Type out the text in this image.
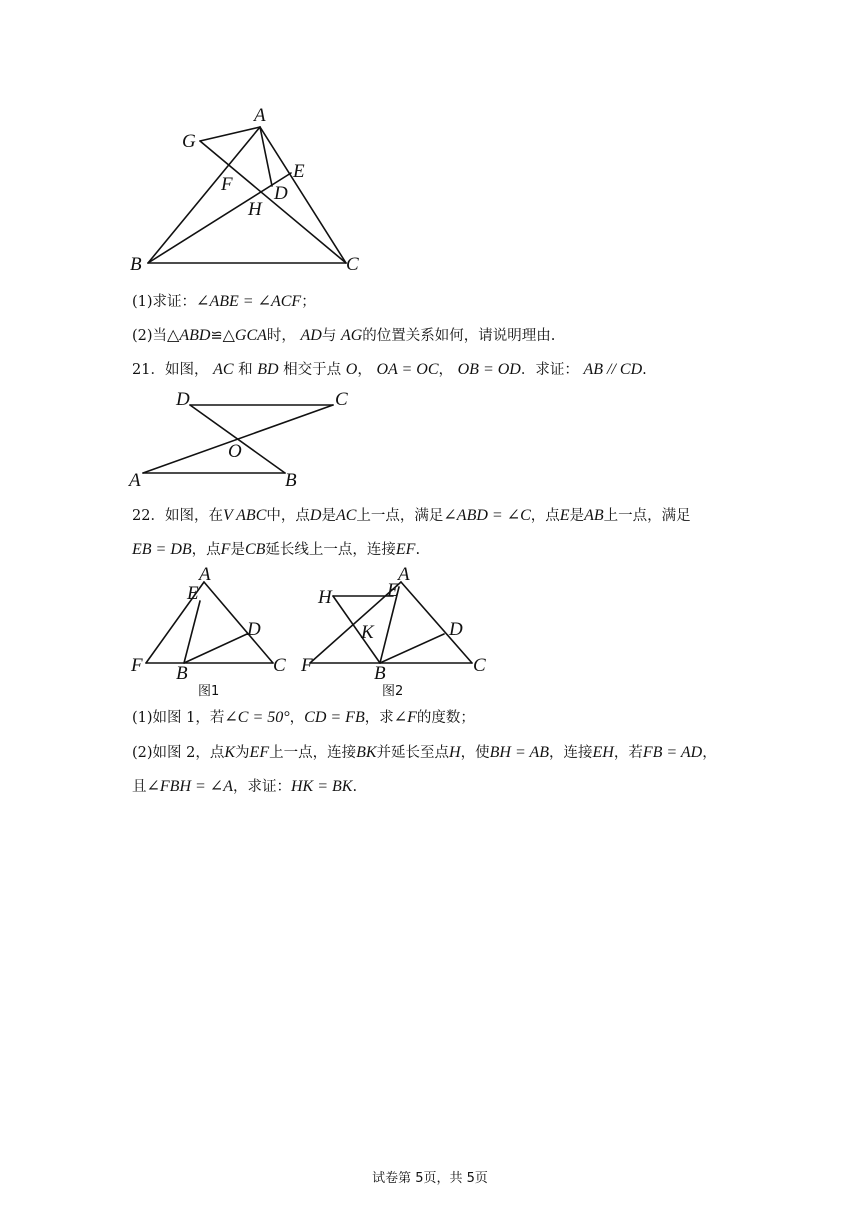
A
G
E
F D
H
B	C
(1)求证：∠ABE = ∠ACF；
(2)当△ABD≌△GCA时， AD与 AG的位置关系如何，请说明理由.
21．如图， AC 和 BD 相交于点 O， OA = OC， OB = OD．求证： AB // CD.
D	C
O
A	B
22．如图，在V ABC中，点D是AC上一点，满足∠ABD = ∠C，点E是AB上一点，满足
EB = DB，点F是CB延长线上一点，连接EF.
A
E
D
F B	C
图1
A
H	E
K	D
F	B	C
图2
(1)如图 1，若∠C = 50°，CD = FB，求∠F的度数；
(2)如图 2，点K为EF上一点，连接BK并延长至点H，使BH = AB，连接EH，若FB = AD，
且∠FBH = ∠A，求证：HK = BK.
试卷第 5页，共 5页
